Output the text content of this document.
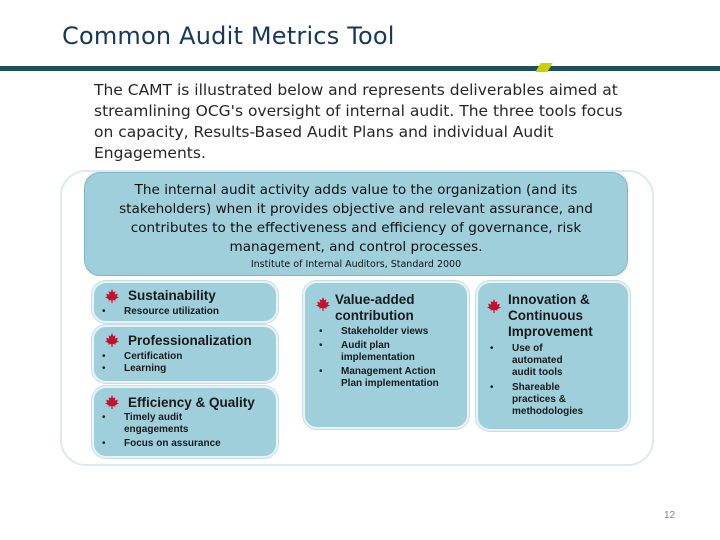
Common Audit Metrics Tool
The CAMT is illustrated below and represents deliverables aimed at streamlining OCG's oversight of internal audit. The three tools focus on capacity, Results-Based Audit Plans and individual Audit Engagements.
The internal audit activity adds value to the organization (and its stakeholders) when it provides objective and relevant assurance, and contributes to the effectiveness and efficiency of governance, risk management, and control processes.
Institute of Internal Auditors, Standard 2000
Sustainability
• Resource utilization
Professionalization
• Certification
• Learning
Efficiency & Quality
• Timely audit engagements
• Focus on assurance
Value-added contribution
• Stakeholder views
• Audit plan implementation
• Management Action Plan implementation
Innovation & Continuous Improvement
• Use of automated audit tools
• Shareable practices & methodologies
12
